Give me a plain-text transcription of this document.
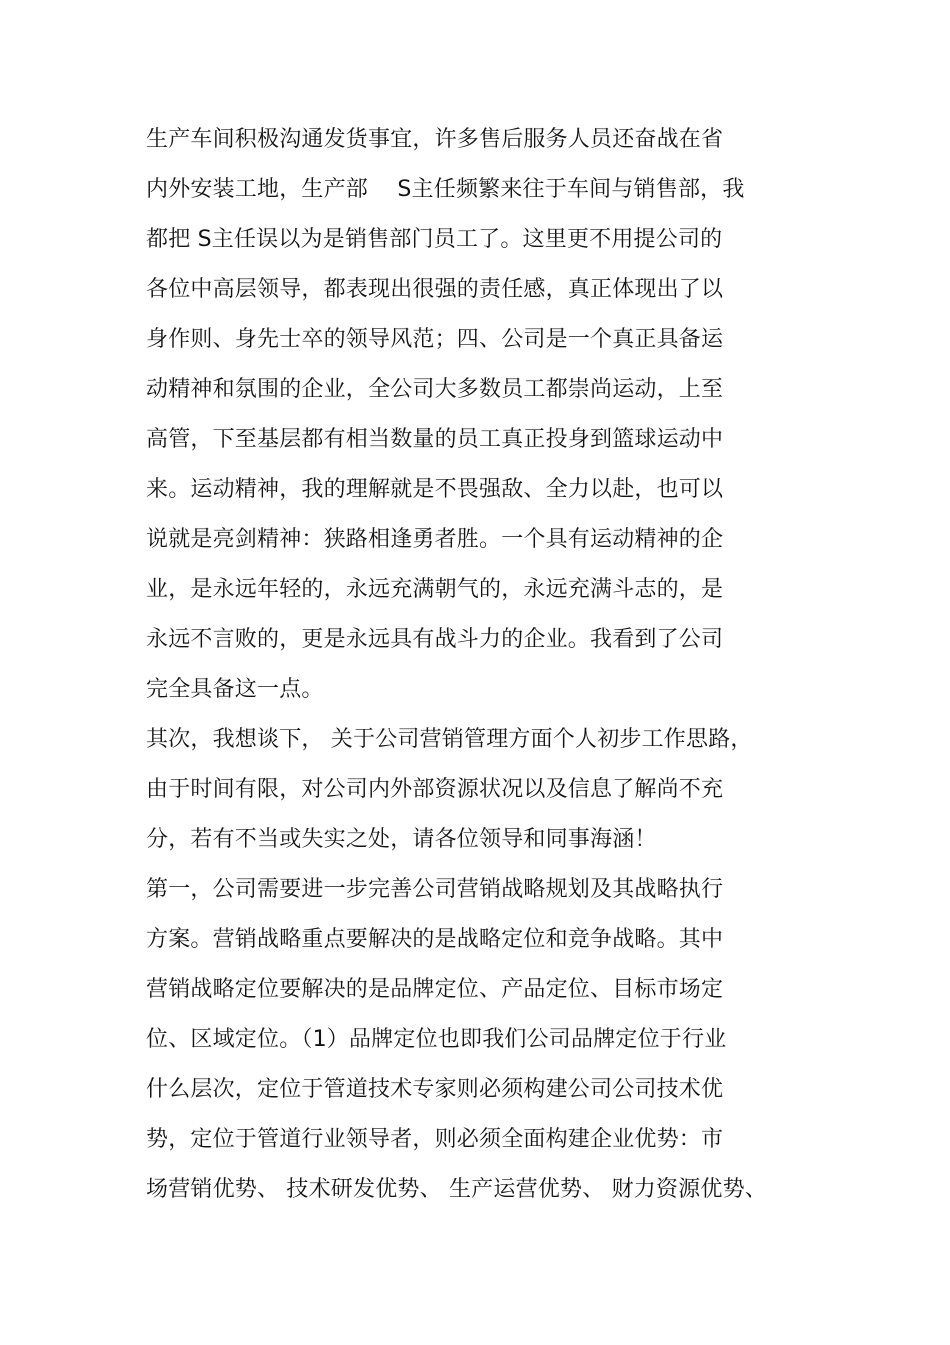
生产车间积极沟通发货事宜，许多售后服务人员还奋战在省

内外安装工地，生产部　 S主任频繁来往于车间与销售部，我

都把 S主任误以为是销售部门员工了。这里更不用提公司的

各位中高层领导，都表现出很强的责任感，真正体现出了以

身作则、身先士卒的领导风范；四、公司是一个真正具备运

动精神和氛围的企业，全公司大多数员工都崇尚运动，上至

高管，下至基层都有相当数量的员工真正投身到篮球运动中

来。运动精神，我的理解就是不畏强敌、全力以赴，也可以

说就是亮剑精神：狭路相逢勇者胜。一个具有运动精神的企

业，是永远年轻的，永远充满朝气的，永远充满斗志的，是

永远不言败的，更是永远具有战斗力的企业。我看到了公司

完全具备这一点。

其次，我想谈下， 关于公司营销管理方面个人初步工作思路，

由于时间有限，对公司内外部资源状况以及信息了解尚不充

分，若有不当或失实之处，请各位领导和同事海涵！

第一，公司需要进一步完善公司营销战略规划及其战略执行

方案。营销战略重点要解决的是战略定位和竞争战略。其中

营销战略定位要解决的是品牌定位、产品定位、目标市场定

位、区域定位。（1）品牌定位也即我们公司品牌定位于行业

什么层次，定位于管道技术专家则必须构建公司公司技术优

势，定位于管道行业领导者，则必须全面构建企业优势：市

场营销优势、 技术研发优势、 生产运营优势、 财力资源优势、
